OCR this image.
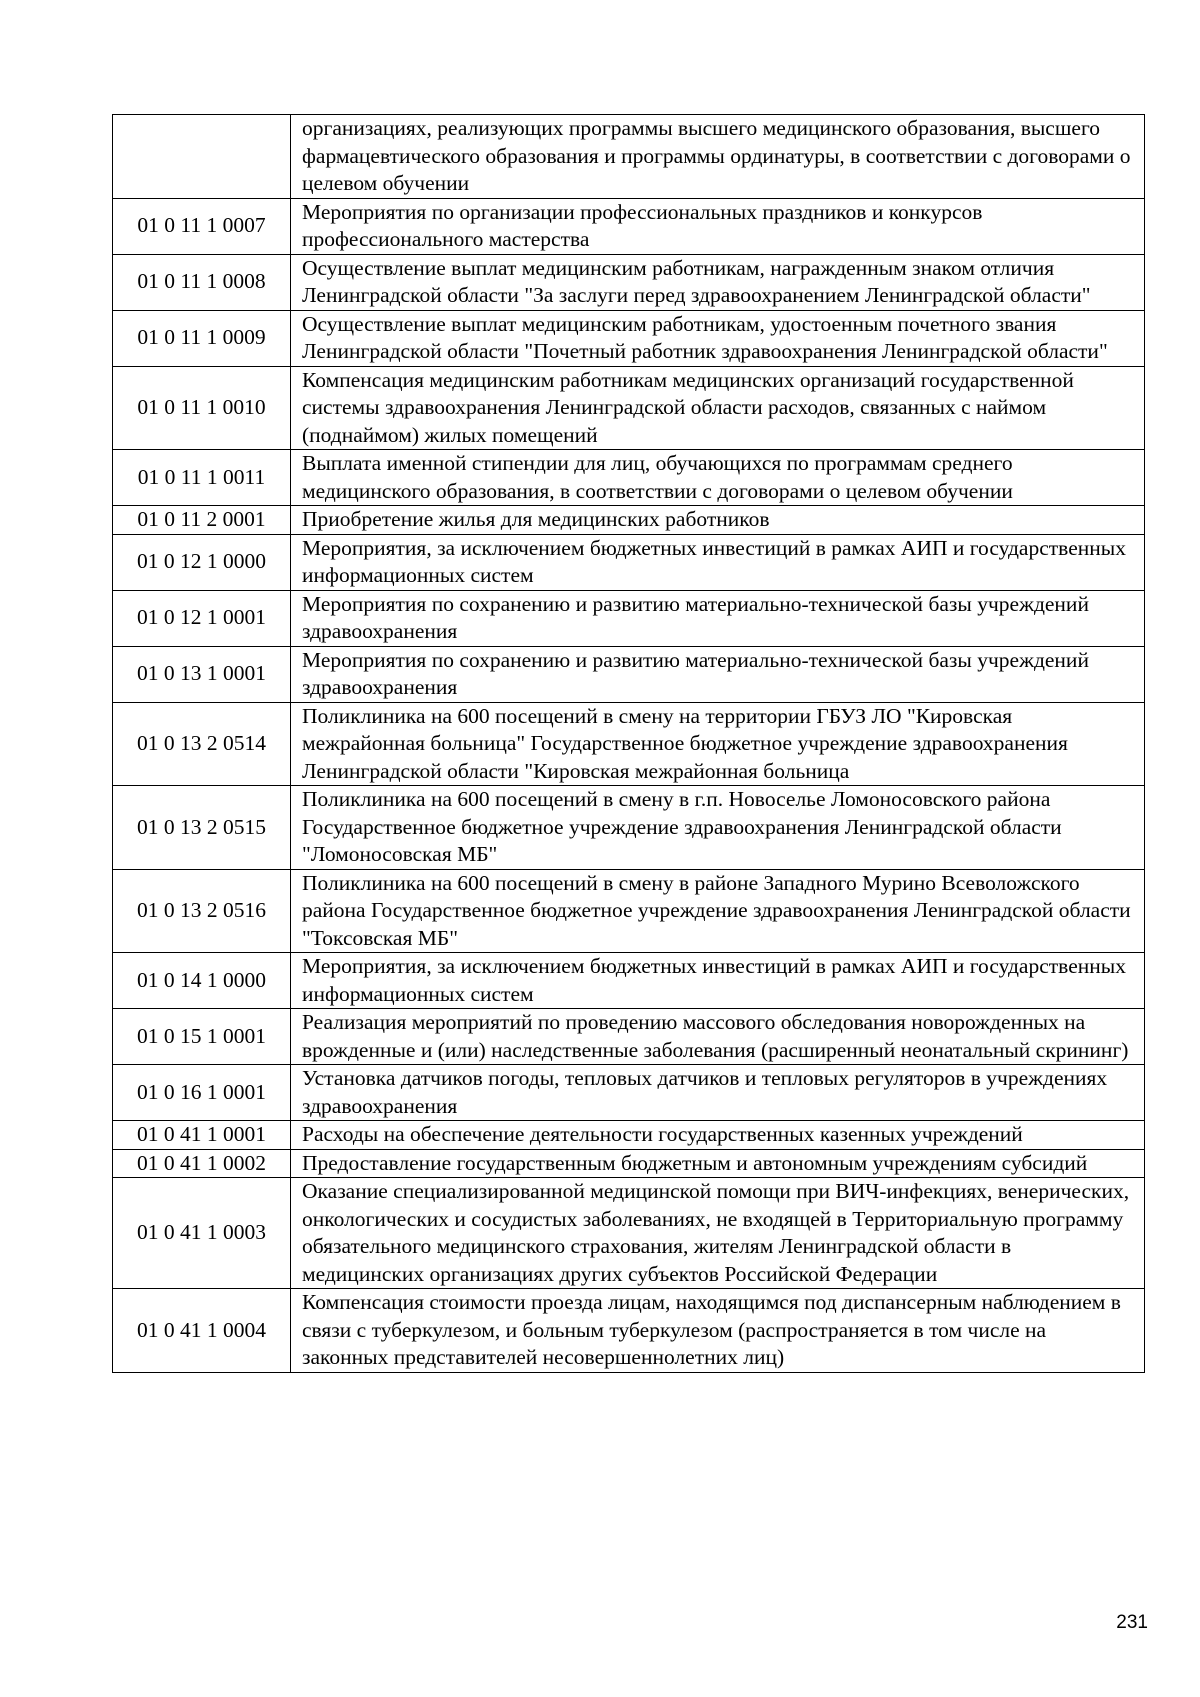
	организациях, реализующих программы высшего медицинского образования, высшего фармацевтического образования и программы ординатуры, в соответствии с договорами о целевом обучении
01 0 11 1 0007	Мероприятия по организации профессиональных праздников и конкурсов профессионального мастерства
01 0 11 1 0008	Осуществление выплат медицинским работникам, награжденным знаком отличия Ленинградской области "За заслуги перед здравоохранением Ленинградской области"
01 0 11 1 0009	Осуществление выплат медицинским работникам, удостоенным почетного звания Ленинградской области "Почетный работник здравоохранения Ленинградской области"
01 0 11 1 0010	Компенсация медицинским работникам медицинских организаций государственной системы здравоохранения Ленинградской области расходов, связанных с наймом (поднаймом) жилых помещений
01 0 11 1 0011	Выплата именной стипендии для лиц, обучающихся по программам среднего медицинского образования, в соответствии с договорами о целевом обучении
01 0 11 2 0001	Приобретение жилья для медицинских работников
01 0 12 1 0000	Мероприятия, за исключением бюджетных инвестиций в рамках АИП и государственных информационных систем
01 0 12 1 0001	Мероприятия по сохранению и развитию материально-технической базы учреждений здравоохранения
01 0 13 1 0001	Мероприятия по сохранению и развитию материально-технической базы учреждений здравоохранения
01 0 13 2 0514	Поликлиника на 600 посещений в смену на территории ГБУЗ ЛО "Кировская межрайонная больница" Государственное бюджетное учреждение здравоохранения Ленинградской области "Кировская межрайонная больница
01 0 13 2 0515	Поликлиника на 600 посещений в смену в г.п. Новоселье Ломоносовского района Государственное бюджетное учреждение здравоохранения Ленинградской области "Ломоносовская МБ"
01 0 13 2 0516	Поликлиника на 600 посещений в смену в районе Западного Мурино Всеволожского района Государственное бюджетное учреждение здравоохранения Ленинградской области "Токсовская МБ"
01 0 14 1 0000	Мероприятия, за исключением бюджетных инвестиций в рамках АИП и государственных информационных систем
01 0 15 1 0001	Реализация мероприятий по проведению массового обследования новорожденных на врожденные и (или) наследственные заболевания (расширенный неонатальный скрининг)
01 0 16 1 0001	Установка датчиков погоды, тепловых датчиков и тепловых регуляторов в учреждениях здравоохранения
01 0 41 1 0001	Расходы на обеспечение деятельности государственных казенных учреждений
01 0 41 1 0002	Предоставление государственным бюджетным и автономным учреждениям субсидий
01 0 41 1 0003	Оказание специализированной медицинской помощи при ВИЧ-инфекциях, венерических, онкологических и сосудистых заболеваниях, не входящей в Территориальную программу обязательного медицинского страхования, жителям Ленинградской области в медицинских организациях других субъектов Российской Федерации
01 0 41 1 0004	Компенсация стоимости проезда лицам, находящимся под диспансерным наблюдением в связи с туберкулезом, и больным туберкулезом (распространяется в том числе на законных представителей несовершеннолетних лиц)
231
